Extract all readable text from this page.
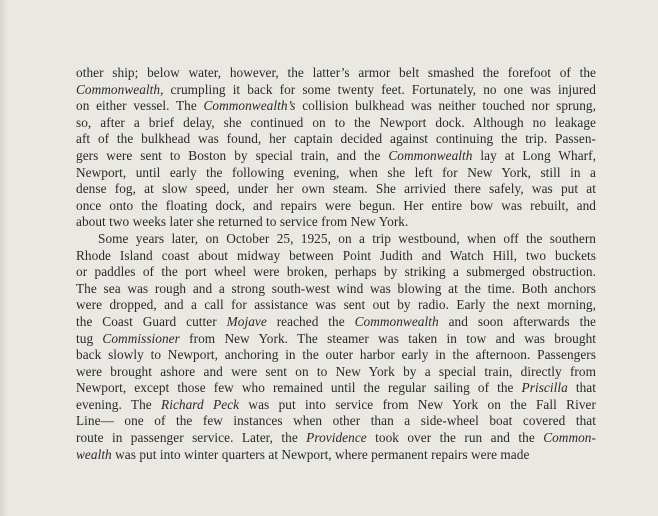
other ship; below water, however, the latter’s armor belt smashed the forefoot of the
Commonwealth, crumpling it back for some twenty feet. Fortunately, no one was injured
on either vessel. The Commonwealth’s collision bulkhead was neither touched nor sprung,
so, after a brief delay, she continued on to the Newport dock. Although no leakage
aft of the bulkhead was found, her captain decided against continuing the trip. Passen-
gers were sent to Boston by special train, and the Commonwealth lay at Long Wharf,
Newport, until early the following evening, when she left for New York, still in a
dense fog, at slow speed, under her own steam. She arrivied there safely, was put at
once onto the floating dock, and repairs were begun. Her entire bow was rebuilt, and
about two weeks later she returned to service from New York.
Some years later, on October 25, 1925, on a trip westbound, when off the southern
Rhode Island coast about midway between Point Judith and Watch Hill, two buckets
or paddles of the port wheel were broken, perhaps by striking a submerged obstruction.
The sea was rough and a strong south-west wind was blowing at the time. Both anchors
were dropped, and a call for assistance was sent out by radio. Early the next morning,
the Coast Guard cutter Mojave reached the Commonwealth and soon afterwards the
tug Commissioner from New York. The steamer was taken in tow and was brought
back slowly to Newport, anchoring in the outer harbor early in the afternoon. Passengers
were brought ashore and were sent on to New York by a special train, directly from
Newport, except those few who remained until the regular sailing of the Priscilla that
evening. The Richard Peck was put into service from New York on the Fall River
Line— one of the few instances when other than a side-wheel boat covered that
route in passenger service. Later, the Providence took over the run and the Common-
wealth was put into winter quarters at Newport, where permanent repairs were made
